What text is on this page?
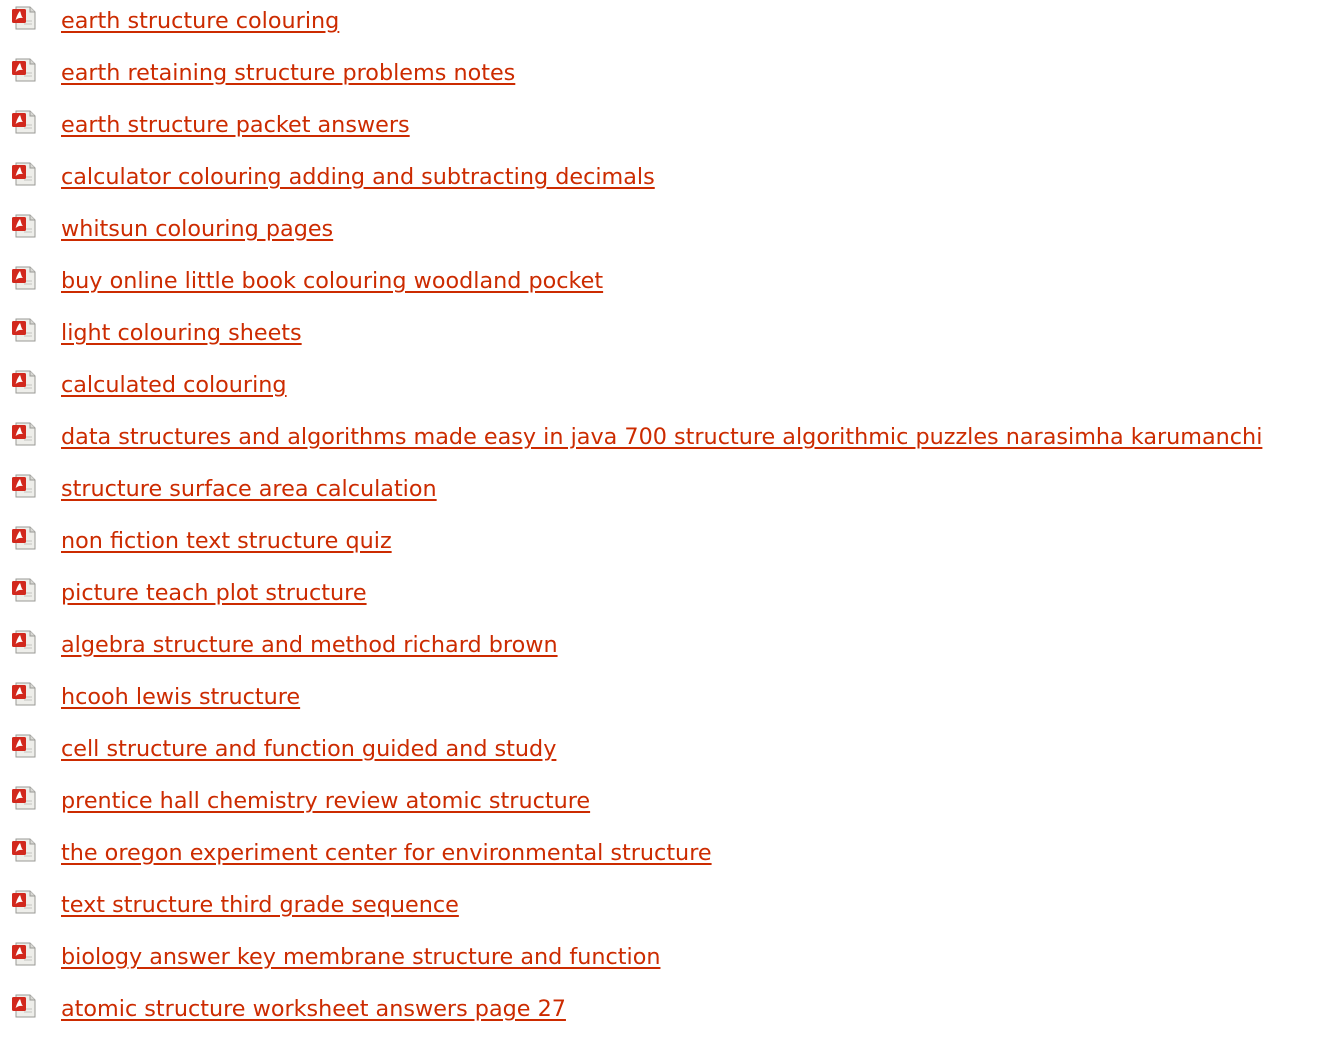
earth structure colouring
earth retaining structure problems notes
earth structure packet answers
calculator colouring adding and subtracting decimals
whitsun colouring pages
buy online little book colouring woodland pocket
light colouring sheets
calculated colouring
data structures and algorithms made easy in java 700 structure algorithmic puzzles narasimha karumanchi
structure surface area calculation
non fiction text structure quiz
picture teach plot structure
algebra structure and method richard brown
hcooh lewis structure
cell structure and function guided and study
prentice hall chemistry review atomic structure
the oregon experiment center for environmental structure
text structure third grade sequence
biology answer key membrane structure and function
atomic structure worksheet answers page 27
